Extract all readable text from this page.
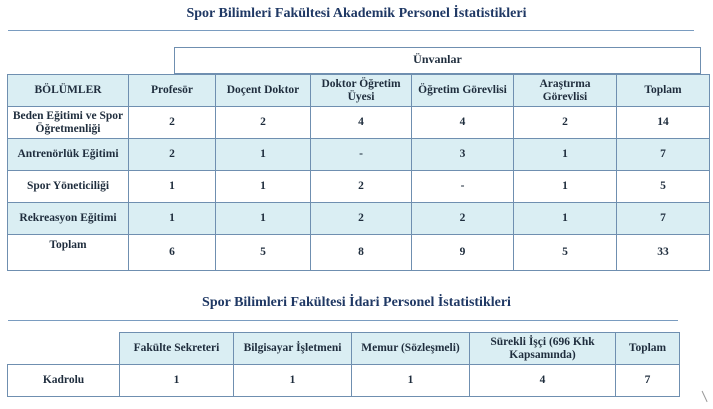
Spor Bilimleri Fakültesi Akademik Personel İstatistikleri
Ünvanlar
BÖLÜMLER	Profesör	Doçent Doktor	Doktor Öğretim Üyesi	Öğretim Görevlisi	Araştırma Görevlisi	Toplam
Beden Eğitimi ve Spor Öğretmenliği	2	2	4	4	2	14
Antrenörlük Eğitimi	2	1	-	3	1	7
Spor Yöneticiliği	1	1	2	-	1	5
Rekreasyon Eğitimi	1	1	2	2	1	7
Toplam	6	5	8	9	5	33
Spor Bilimleri Fakültesi İdari Personel İstatistikleri
	Fakülte Sekreteri	Bilgisayar İşletmeni	Memur (Sözleşmeli)	Sürekli İşçi (696 Khk Kapsamında)	Toplam
Kadrolu	1	1	1	4	7
